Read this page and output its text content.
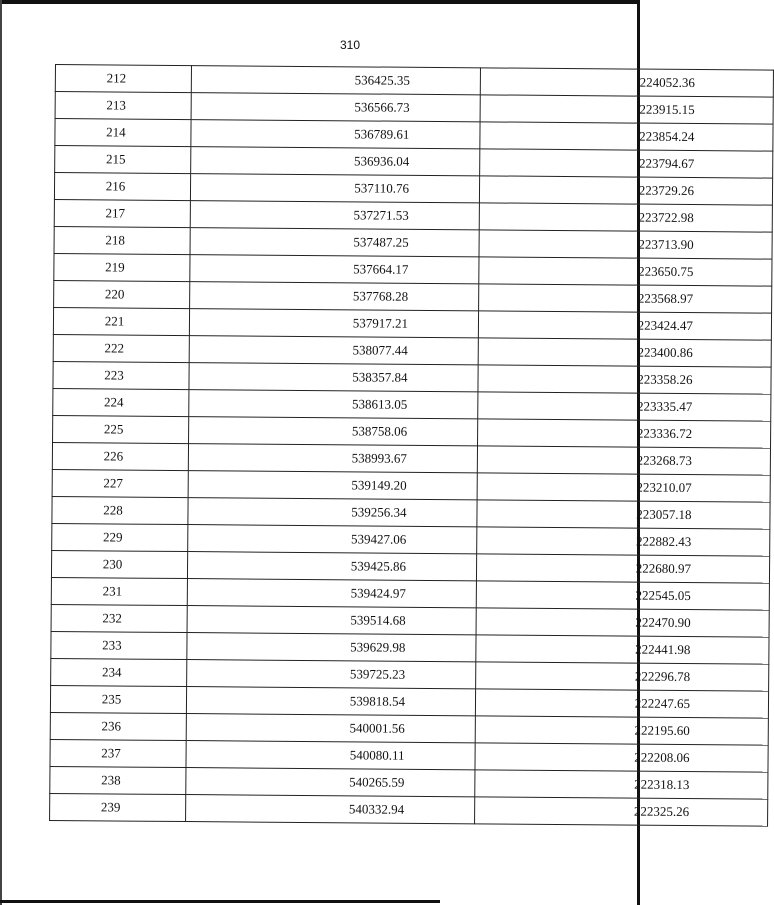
310
212	536425.35	224052.36
213	536566.73	223915.15
214	536789.61	223854.24
215	536936.04	223794.67
216	537110.76	223729.26
217	537271.53	223722.98
218	537487.25	223713.90
219	537664.17	223650.75
220	537768.28	223568.97
221	537917.21	223424.47
222	538077.44	223400.86
223	538357.84	223358.26
224	538613.05	223335.47
225	538758.06	223336.72
226	538993.67	223268.73
227	539149.20	223210.07
228	539256.34	223057.18
229	539427.06	222882.43
230	539425.86	222680.97
231	539424.97	222545.05
232	539514.68	222470.90
233	539629.98	222441.98
234	539725.23	222296.78
235	539818.54	222247.65
236	540001.56	222195.60
237	540080.11	222208.06
238	540265.59	222318.13
239	540332.94	222325.26
